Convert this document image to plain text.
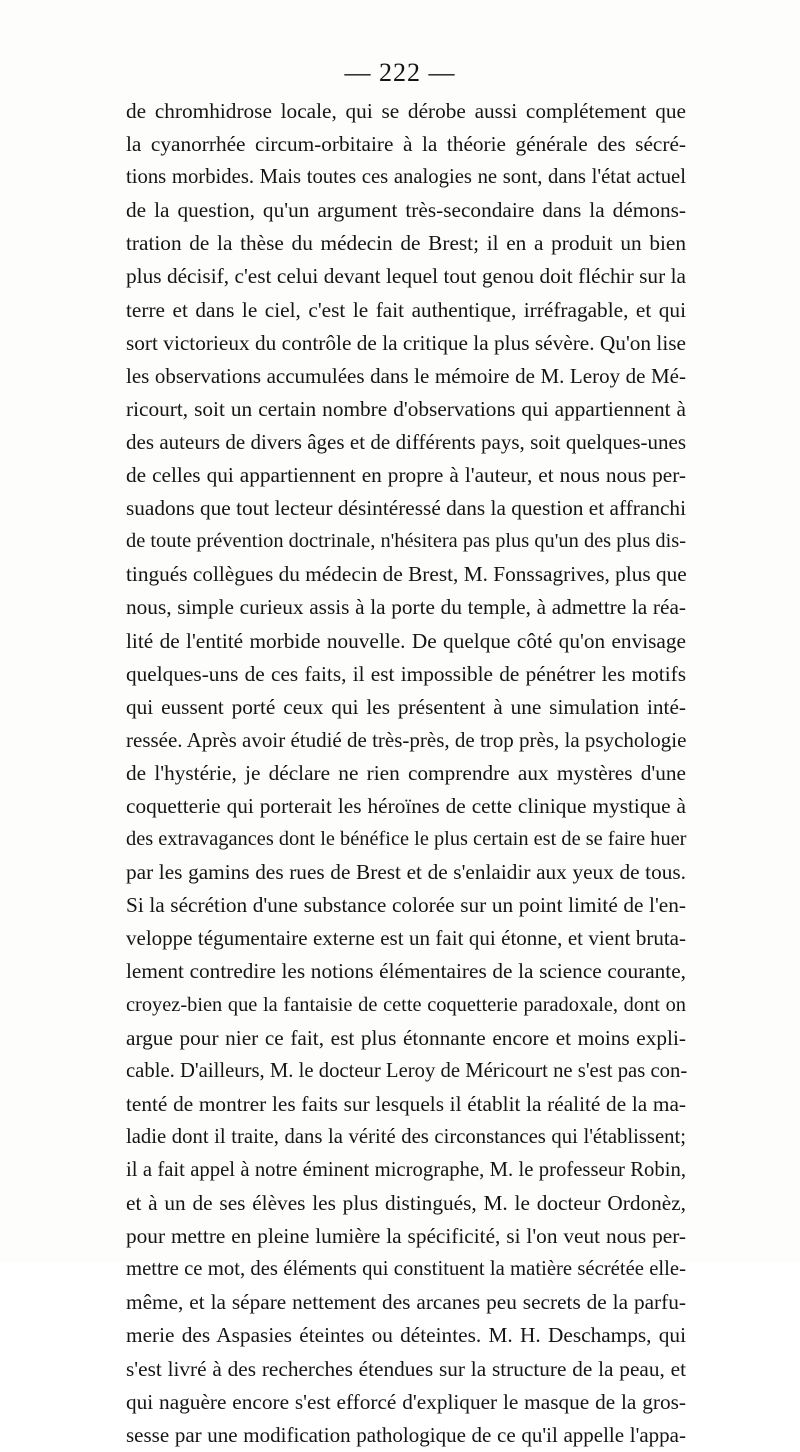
— 222 —
de chromhidrose locale, qui se dérobe aussi complétement que
la cyanorrhée circum-orbitaire à la théorie générale des sécré-
tions morbides. Mais toutes ces analogies ne sont, dans l'état actuel
de la question, qu'un argument très-secondaire dans la démons-
tration de la thèse du médecin de Brest; il en a produit un bien
plus décisif, c'est celui devant lequel tout genou doit fléchir sur la
terre et dans le ciel, c'est le fait authentique, irréfragable, et qui
sort victorieux du contrôle de la critique la plus sévère. Qu'on lise
les observations accumulées dans le mémoire de M. Leroy de Mé-
ricourt, soit un certain nombre d'observations qui appartiennent à
des auteurs de divers âges et de différents pays, soit quelques-unes
de celles qui appartiennent en propre à l'auteur, et nous nous per-
suadons que tout lecteur désintéressé dans la question et affranchi
de toute prévention doctrinale, n'hésitera pas plus qu'un des plus dis-
tingués collègues du médecin de Brest, M. Fonssagrives, plus que
nous, simple curieux assis à la porte du temple, à admettre la réa-
lité de l'entité morbide nouvelle. De quelque côté qu'on envisage
quelques-uns de ces faits, il est impossible de pénétrer les motifs
qui eussent porté ceux qui les présentent à une simulation inté-
ressée. Après avoir étudié de très-près, de trop près, la psychologie
de l'hystérie, je déclare ne rien comprendre aux mystères d'une
coquetterie qui porterait les héroïnes de cette clinique mystique à
des extravagances dont le bénéfice le plus certain est de se faire huer
par les gamins des rues de Brest et de s'enlaidir aux yeux de tous.
Si la sécrétion d'une substance colorée sur un point limité de l'en-
veloppe tégumentaire externe est un fait qui étonne, et vient bruta-
lement contredire les notions élémentaires de la science courante,
croyez-bien que la fantaisie de cette coquetterie paradoxale, dont on
argue pour nier ce fait, est plus étonnante encore et moins expli-
cable. D'ailleurs, M. le docteur Leroy de Méricourt ne s'est pas con-
tenté de montrer les faits sur lesquels il établit la réalité de la ma-
ladie dont il traite, dans la vérité des circonstances qui l'établissent;
il a fait appel à notre éminent micrographe, M. le professeur Robin,
et à un de ses élèves les plus distingués, M. le docteur Ordonèz,
pour mettre en pleine lumière la spécificité, si l'on veut nous per-
mettre ce mot, des éléments qui constituent la matière sécrétée elle-
même, et la sépare nettement des arcanes peu secrets de la parfu-
merie des Aspasies éteintes ou déteintes. M. H. Deschamps, qui
s'est livré à des recherches étendues sur la structure de la peau, et
qui naguère encore s'est efforcé d'expliquer le masque de la gros-
sesse par une modification pathologique de ce qu'il appelle l'appa-
